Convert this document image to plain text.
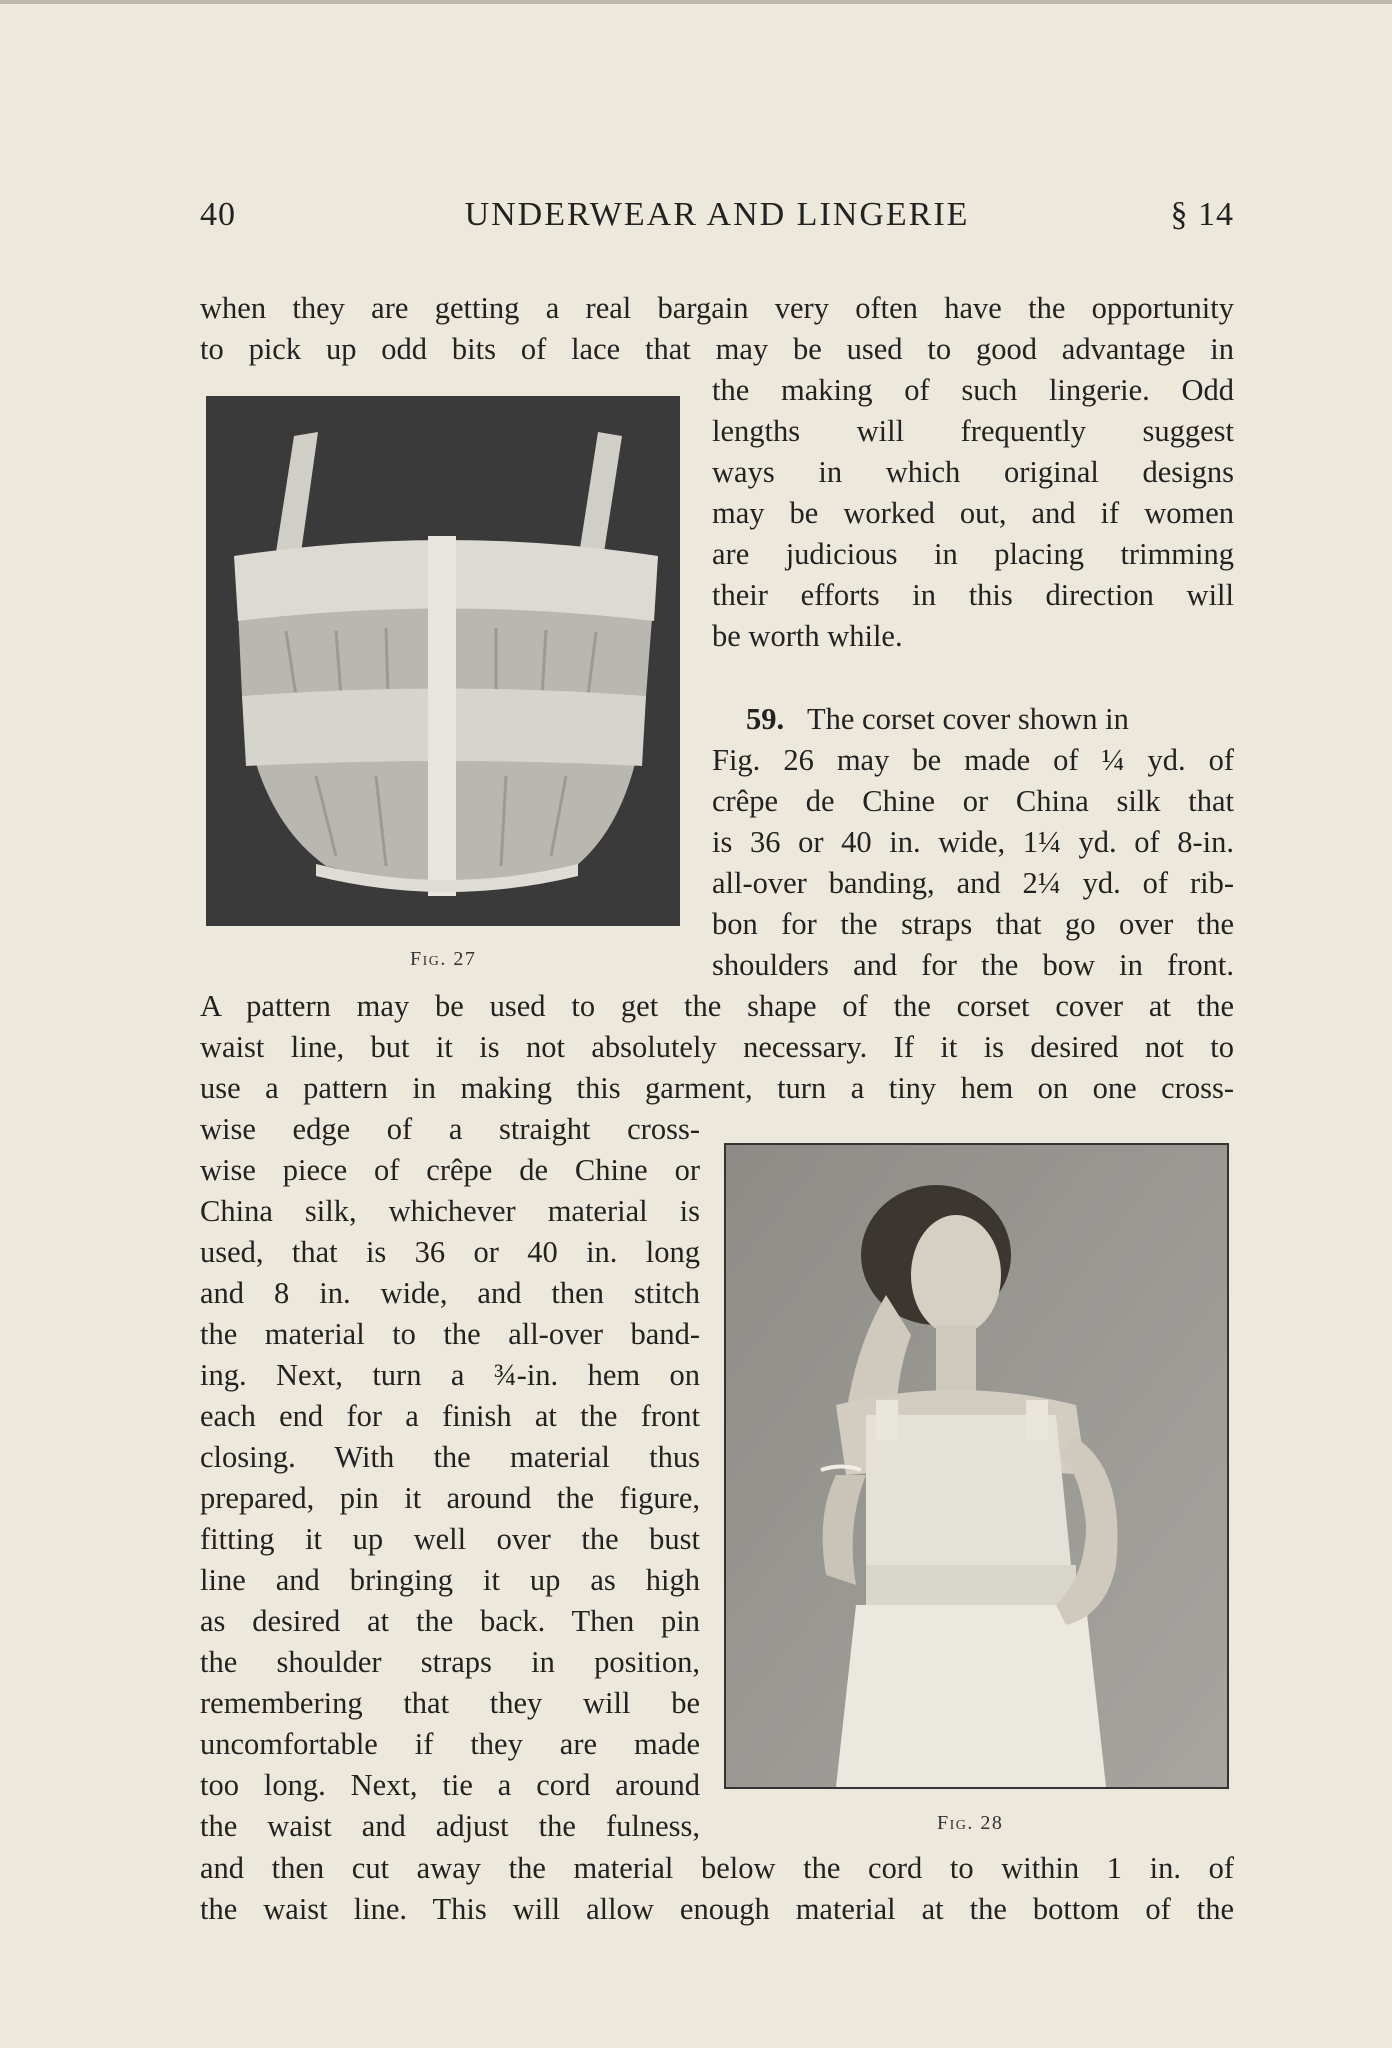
40	UNDERWEAR AND LINGERIE	§ 14
when they are getting a real bargain very often have the opportunity
to pick up odd bits of lace that may be used to good advantage in
Fig. 27
the making of such lingerie. Odd
lengths will frequently suggest
ways in which original designs
may be worked out, and if women
are judicious in placing trimming
their efforts in this direction will
be worth while.
59. The corset cover shown in
Fig. 26 may be made of ¼ yd. of
crêpe de Chine or China silk that
is 36 or 40 in. wide, 1¼ yd. of 8-in.
all-over banding, and 2¼ yd. of rib-
bon for the straps that go over the
shoulders and for the bow in front.
A pattern may be used to get the shape of the corset cover at the
waist line, but it is not absolutely necessary. If it is desired not to
use a pattern in making this garment, turn a tiny hem on one cross-
wise edge of a straight cross-
wise piece of crêpe de Chine or
China silk, whichever material is
used, that is 36 or 40 in. long
and 8 in. wide, and then stitch
the material to the all-over band-
ing. Next, turn a ¾-in. hem on
each end for a finish at the front
closing. With the material thus
prepared, pin it around the figure,
fitting it up well over the bust
line and bringing it up as high
as desired at the back. Then pin
the shoulder straps in position,
remembering that they will be
uncomfortable if they are made
too long. Next, tie a cord around
the waist and adjust the fulness,	Fig. 28
and then cut away the material below the cord to within 1 in. of
the waist line. This will allow enough material at the bottom of the
